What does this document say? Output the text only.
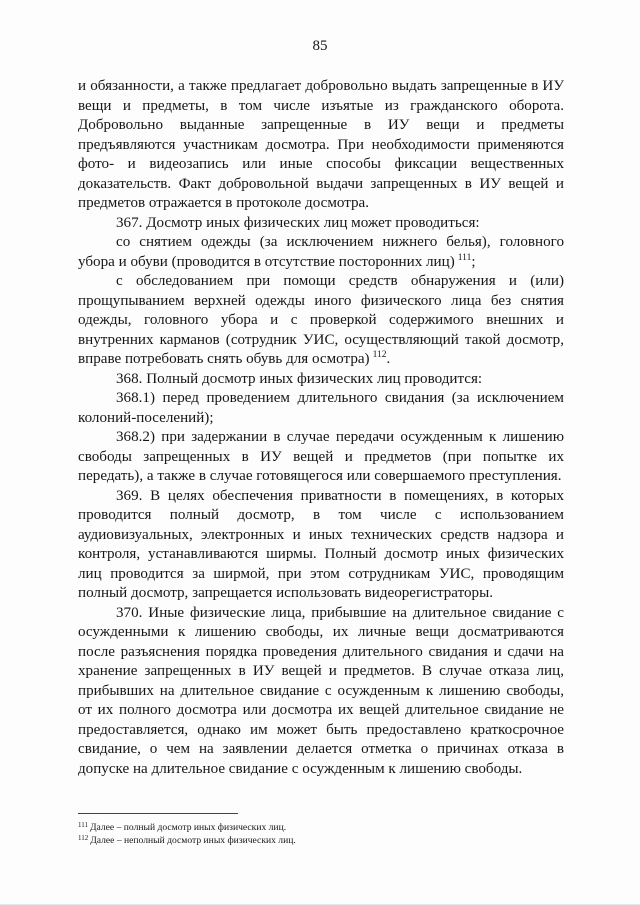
85

и обязанности, а также предлагает добровольно выдать запрещенные в ИУ вещи и предметы, в том числе изъятые из гражданского оборота. Добровольно выданные запрещенные в ИУ вещи и предметы предъявляются участникам досмотра. При необходимости применяются фото- и видеозапись или иные способы фиксации вещественных доказательств. Факт добровольной выдачи запрещенных в ИУ вещей и предметов отражается в протоколе досмотра.

367. Досмотр иных физических лиц может проводиться:

со снятием одежды (за исключением нижнего белья), головного убора и обуви (проводится в отсутствие посторонних лиц)  $^{111}$;

с обследованием при помощи средств обнаружения и (или) прощупыванием верхней одежды иного физического лица без снятия одежды, головного убора и с проверкой содержимого внешних и внутренних карманов (сотрудник УИС, осуществляющий такой досмотр, вправе потребовать снять обувь для осмотра)  $^{112}$.

368. Полный досмотр иных физических лиц проводится:

368.1) перед проведением длительного свидания (за исключением колоний-поселений);

368.2) при задержании в случае передачи осужденным к лишению свободы запрещенных в ИУ вещей и предметов (при попытке их передать), а также в случае готовящегося или совершаемого преступления.

369. В целях обеспечения приватности в помещениях, в которых проводится полный досмотр, в том числе с использованием аудиовизуальных, электронных и иных технических средств надзора и контроля, устанавливаются ширмы. Полный досмотр иных физических лиц проводится за ширмой, при этом сотрудникам УИС, проводящим полный досмотр, запрещается использовать видеорегистраторы.

370. Иные физические лица, прибывшие на длительное свидание с осужденными к лишению свободы, их личные вещи досматриваются после разъяснения порядка проведения длительного свидания и сдачи на хранение запрещенных в ИУ вещей и предметов. В случае отказа лиц, прибывших на длительное свидание с осужденным к лишению свободы, от их полного досмотра или досмотра их вещей длительное свидание не предоставляется, однако им может быть предоставлено краткосрочное свидание, о чем на заявлении делается отметка о причинах отказа в допуске на длительное свидание с осужденным к лишению свободы.

$^{111}$ Далее – полный досмотр иных физических лиц.

$^{112}$ Далее – неполный досмотр иных физических лиц.
